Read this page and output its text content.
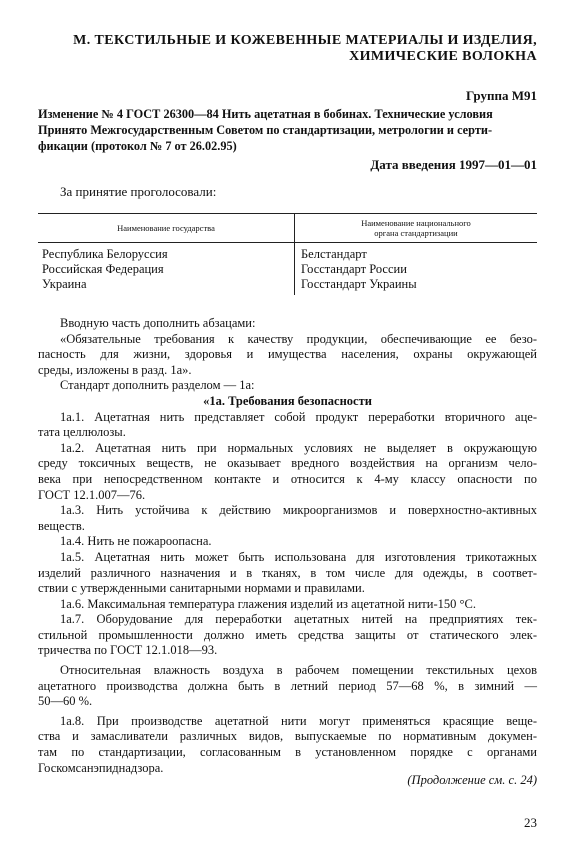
М. ТЕКСТИЛЬНЫЕ И КОЖЕВЕННЫЕ МАТЕРИАЛЫ И ИЗДЕЛИЯ,
ХИМИЧЕСКИЕ ВОЛОКНА
Группа М91
Изменение № 4 ГОСТ 26300—84 Нить ацетатная в бобинах. Технические условия
Принято Межгосударственным Советом по стандартизации, метрологии и серти-
фикации (протокол № 7 от 26.02.95)
Дата введения 1997—01—01
За принятие проголосовали:
Наименование государства	Наименование национального
органа стандартизации

Республика Белоруссия	Белстандарт
Российская Федерация	Госстандарт России
Украина	Госстандарт Украины
Вводную часть дополнить абзацами:
«Обязательные требования к качеству продукции, обеспечивающие ее безо-
пасность для жизни, здоровья и имущества населения, охраны окружающей
среды, изложены в разд. 1а».
Стандарт дополнить разделом — 1а:
«1а. Требования безопасности
1а.1. Ацетатная нить представляет собой продукт переработки вторичного аце-
тата целлюлозы.
1а.2. Ацетатная нить при нормальных условиях не выделяет в окружающую
среду токсичных веществ, не оказывает вредного воздействия на организм чело-
века при непосредственном контакте и относится к 4-му классу опасности по
ГОСТ 12.1.007—76.
1а.3. Нить устойчива к действию микроорганизмов и поверхностно-активных
веществ.
1а.4. Нить не пожароопасна.
1а.5. Ацетатная нить может быть использована для изготовления трикотажных
изделий различного назначения и в тканях, в том числе для одежды, в соответ-
ствии с утвержденными санитарными нормами и правилами.
1а.6. Максимальная температура глажения изделий из ацетатной нити-150 °С.
1а.7. Оборудование для переработки ацетатных нитей на предприятиях тек-
стильной промышленности должно иметь средства защиты от статического элек-
тричества по ГОСТ 12.1.018—93.
Относительная влажность воздуха в рабочем помещении текстильных цехов
ацетатного производства должна быть в летний период 57—68 %, в зимний —
50—60 %.
1а.8. При производстве ацетатной нити могут применяться красящие веще-
ства и замасливатели различных видов, выпускаемые по нормативным докумен-
там по стандартизации, согласованным в установленном порядке с органами
Госкомсанэпиднадзора.
(Продолжение см. с. 24)
23
